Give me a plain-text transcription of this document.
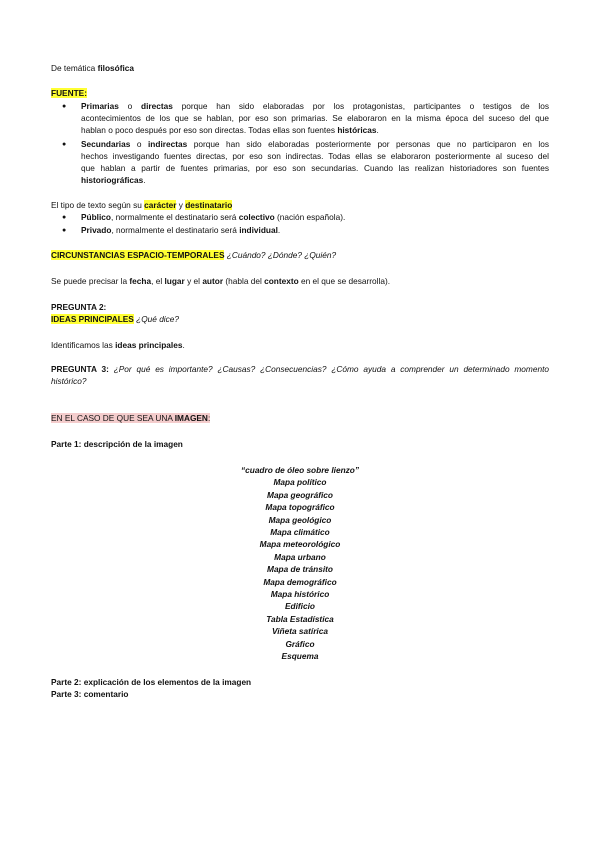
De temática filosófica
FUENTE:
● Primarias o directas porque han sido elaboradas por los protagonistas, participantes o testigos de los
acontecimientos de los que se hablan, por eso son primarias. Se elaboraron en la misma época del suceso del que
hablan o poco después por eso son directas. Todas ellas son fuentes históricas.
● Secundarias o indirectas porque han sido elaboradas posteriormente por personas que no participaron en los
hechos investigando fuentes directas, por eso son indirectas. Todas ellas se elaboraron posteriormente al suceso del
que hablan a partir de fuentes primarias, por eso son secundarias. Cuando las realizan historiadores son fuentes
historiográficas.
El tipo de texto según su carácter y destinatario
● Público, normalmente el destinatario será colectivo (nación española).
● Privado, normalmente el destinatario será individual.
CIRCUNSTANCIAS ESPACIO-TEMPORALES ¿Cuándo? ¿Dónde? ¿Quién?
Se puede precisar la fecha, el lugar y el autor (habla del contexto en el que se desarrolla).
PREGUNTA 2:
IDEAS PRINCIPALES ¿Qué dice?
Identificamos las ideas principales.
PREGUNTA 3: ¿Por qué es importante? ¿Causas? ¿Consecuencias? ¿Cómo ayuda a comprender un determinado momento
histórico?
EN EL CASO DE QUE SEA UNA IMAGEN:
Parte 1: descripción de la imagen
“cuadro de óleo sobre lienzo”
Mapa político
Mapa geográfico
Mapa topográfico
Mapa geológico
Mapa climático
Mapa meteorológico
Mapa urbano
Mapa de tránsito
Mapa demográfico
Mapa histórico
Edificio
Tabla Estadística
Viñeta satírica
Gráfico
Esquema
Parte 2: explicación de los elementos de la imagen
Parte 3: comentario
